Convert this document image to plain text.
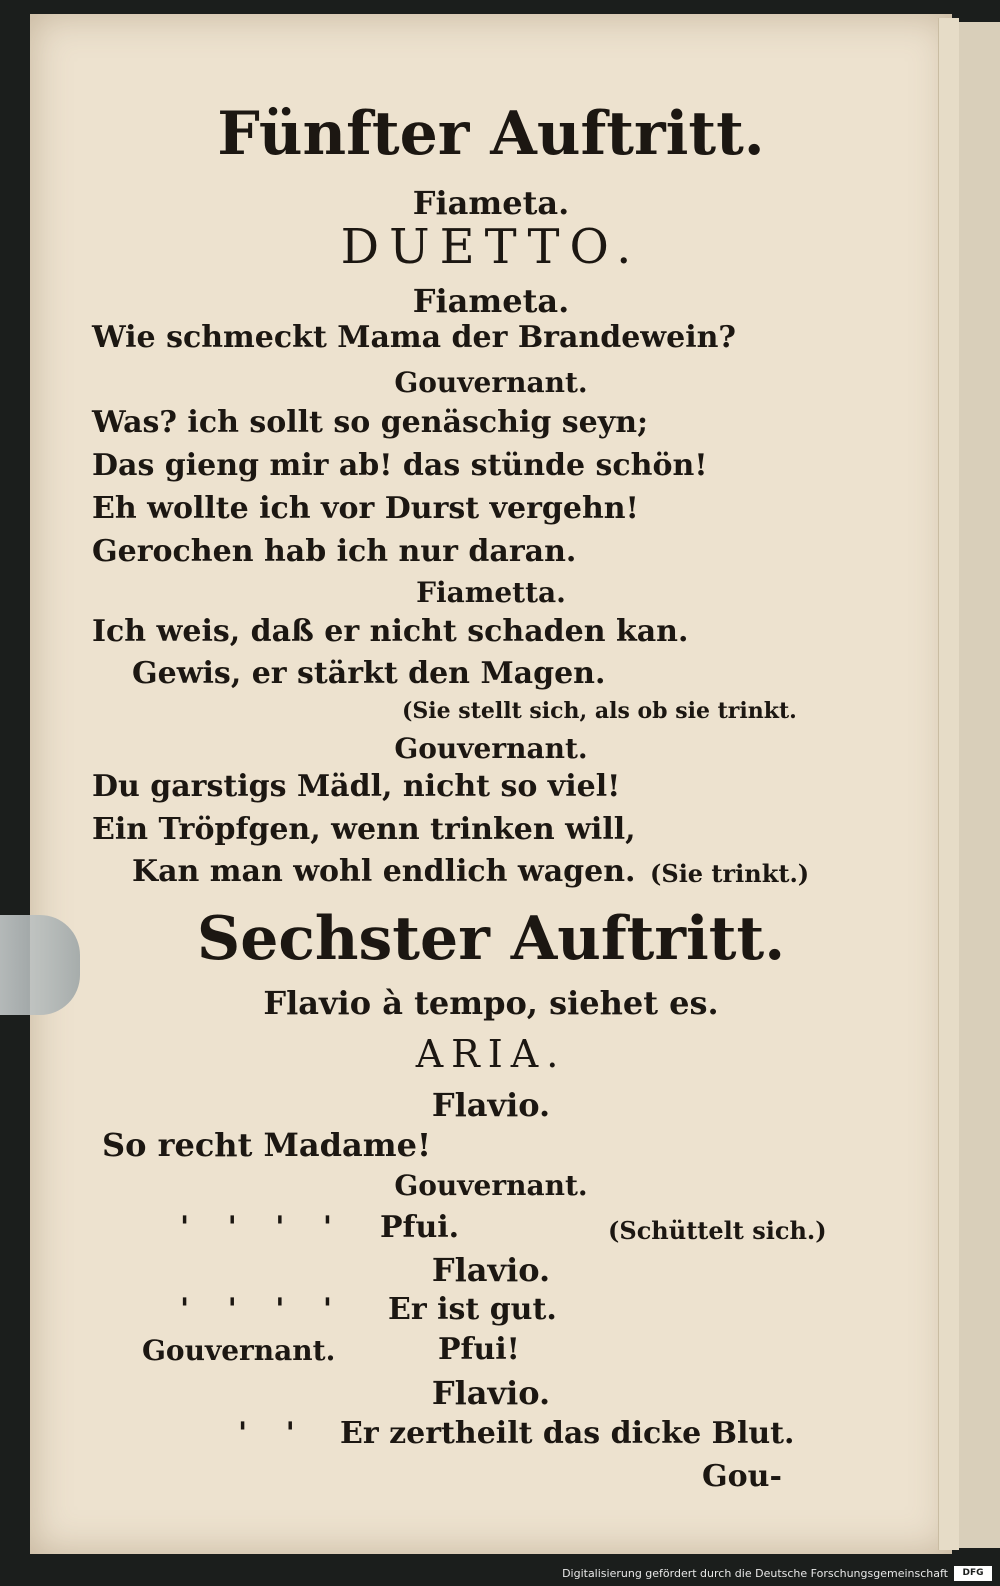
Fünfter Auftritt.
Fiameta.
DUETTO.
Fiameta.
Wie schmeckt Mama der Brandewein?
Gouvernant.
Was? ich sollt so genäschig seyn;
Das gieng mir ab! das stünde schön!
Eh wollte ich vor Durst vergehn!
Gerochen hab ich nur daran.
Fiametta.
Ich weis, daß er nicht schaden kan.
Gewis, er stärkt den Magen.
(Sie stellt sich, als ob sie trinkt.
Gouvernant.
Du garstigs Mädl, nicht so viel!
Ein Tröpfgen, wenn trinken will,
Kan man wohl endlich wagen. (Sie trinkt.)
Sechster Auftritt.
Flavio à tempo, siehet es.
ARIA.
Flavio.
So recht Madame!
Gouvernant.
' ' ' '	Pfui.	(Schüttelt sich.)
Flavio.
' ' ' '	Er ist gut.
Gouvernant.	Pfui!
Flavio.
' '	Er zertheilt das dicke Blut.
Gou-
Digitalisierung gefördert durch die Deutsche Forschungsgemeinschaft	DFG
